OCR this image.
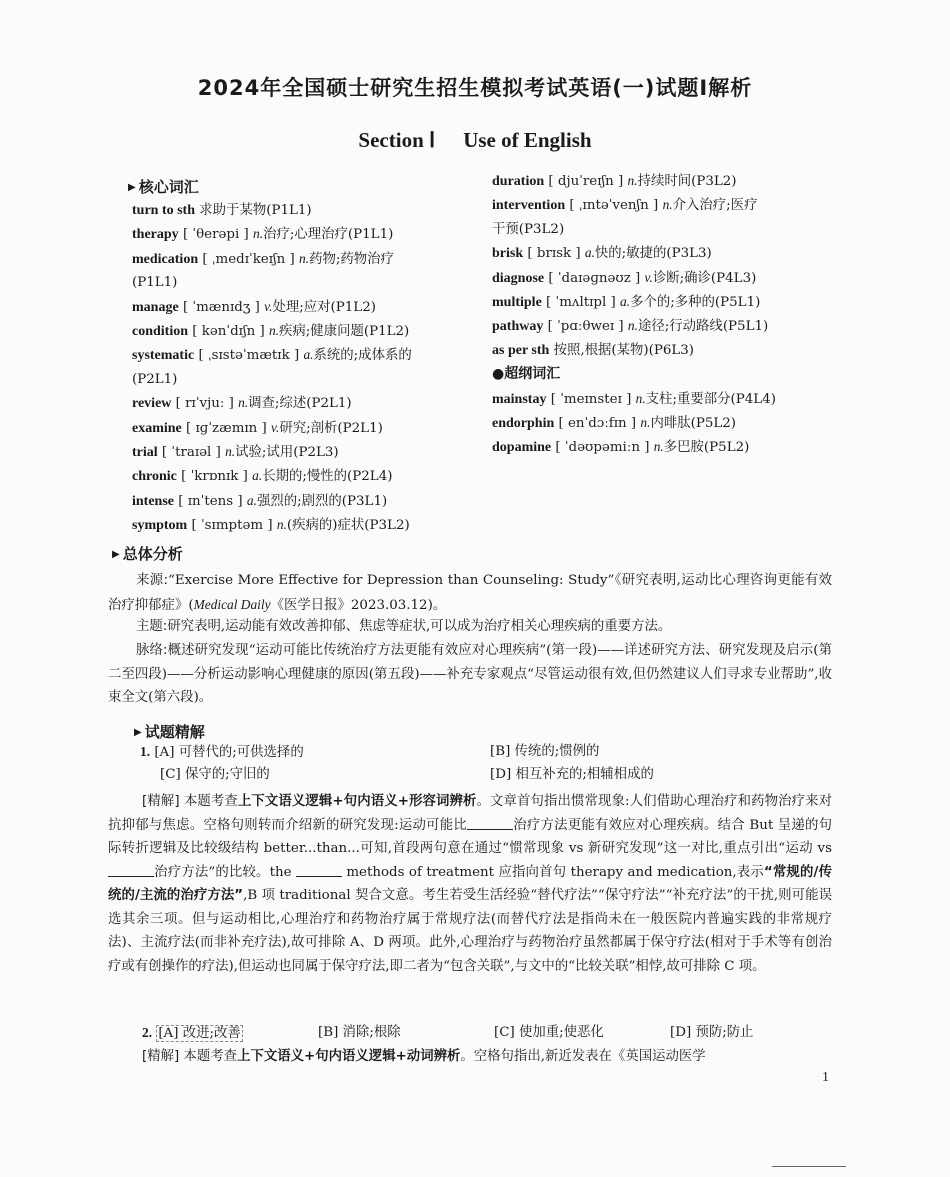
2024年全国硕士研究生招生模拟考试英语(一)试题Ⅰ解析
Section Ⅰ Use of English
▶ 核心词汇
turn to sth 求助于某物(P1L1)
therapy [ ˈθerəpi ] n.治疗;心理治疗(P1L1)
medication [ ˌmedɪˈkeɪʃn ] n.药物;药物治疗
(P1L1)
manage [ ˈmænɪdʒ ] v.处理;应对(P1L2)
condition [ kənˈdɪʃn ] n.疾病;健康问题(P1L2)
systematic [ ˌsɪstəˈmætɪk ] a.系统的;成体系的
(P2L1)
review [ rɪˈvjuː ] n.调查;综述(P2L1)
examine [ ɪɡˈzæmɪn ] v.研究;剖析(P2L1)
trial [ ˈtraɪəl ] n.试验;试用(P2L3)
chronic [ ˈkrɒnɪk ] a.长期的;慢性的(P2L4)
intense [ ɪnˈtens ] a.强烈的;剧烈的(P3L1)
symptom [ ˈsɪmptəm ] n.(疾病的)症状(P3L2)
duration [ djuˈreɪʃn ] n.持续时间(P3L2)
intervention [ ˌɪntəˈvenʃn ] n.介入治疗;医疗
干预(P3L2)
brisk [ brɪsk ] a.快的;敏捷的(P3L3)
diagnose [ ˈdaɪəɡnəʊz ] v.诊断;确诊(P4L3)
multiple [ ˈmʌltɪpl ] a.多个的;多种的(P5L1)
pathway [ ˈpɑːθweɪ ] n.途径;行动路线(P5L1)
as per sth 按照,根据(某物)(P6L3)
●超纲词汇
mainstay [ ˈmeɪnsteɪ ] n.支柱;重要部分(P4L4)
endorphin [ enˈdɔːfɪn ] n.内啡肽(P5L2)
dopamine [ ˈdəʊpəmiːn ] n.多巴胺(P5L2)
▶ 总体分析
来源:“Exercise More Effective for Depression than Counseling: Study”《研究表明,运动比心理咨询更能有效治疗抑郁症》(Medical Daily《医学日报》2023.03.12)。
主题:研究表明,运动能有效改善抑郁、焦虑等症状,可以成为治疗相关心理疾病的重要方法。
脉络:概述研究发现“运动可能比传统治疗方法更能有效应对心理疾病”(第一段)——详述研究方法、研究发现及启示(第二至四段)——分析运动影响心理健康的原因(第五段)——补充专家观点“尽管运动很有效,但仍然建议人们寻求专业帮助”,收束全文(第六段)。
▶ 试题精解
1. [A] 可替代的;可供选择的	[B] 传统的;惯例的
[C] 保守的;守旧的	[D] 相互补充的;相辅相成的
[精解] 本题考查上下文语义逻辑+句内语义+形容词辨析。文章首句指出惯常现象:人们借助心理治疗和药物治疗来对抗抑郁与焦虑。空格句则转而介绍新的研究发现:运动可能比	治疗方法更能有效应对心理疾病。结合 But 呈递的句际转折逻辑及比较级结构 better...than...可知,首段两句意在通过“惯常现象 vs 新研究发现”这一对比,重点引出“运动 vs 治疗方法”的比较。the	methods of treatment 应指向首句 therapy and medication,表示“常规的/传统的/主流的治疗方法”,B 项 traditional 契合文意。考生若受生活经验“替代疗法”“保守疗法”“补充疗法”的干扰,则可能误选其余三项。但与运动相比,心理治疗和药物治疗属于常规疗法(而替代疗法是指尚未在一般医院内普遍实践的非常规疗法)、主流疗法(而非补充疗法),故可排除 A、D 两项。此外,心理治疗与药物治疗虽然都属于保守疗法(相对于手术等有创治疗或有创操作的疗法),但运动也同属于保守疗法,即二者为“包含关联”,与文中的“比较关联”相悖,故可排除 C 项。
2. [A] 改进;改善	[B] 消除;根除	[C] 使加重;使恶化	[D] 预防;防止
[精解] 本题考查上下文语义+句内语义逻辑+动词辨析。空格句指出,新近发表在《英国运动医学
1
